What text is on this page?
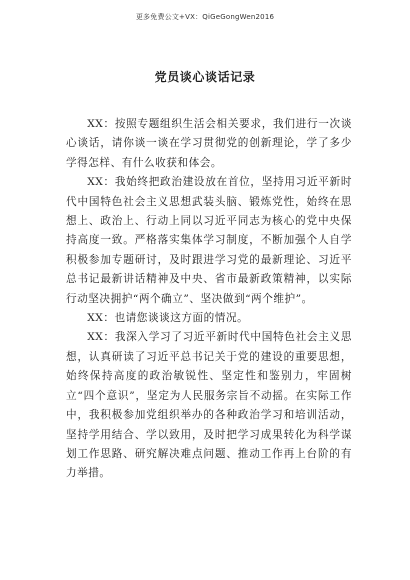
更多免费公文+VX：QiGeGongWen2016
党员谈心谈话记录

XX：按照专题组织生活会相关要求，我们进行一次谈心谈话，请你谈一谈在学习贯彻党的创新理论，学了多少学得怎样、有什么收获和体会。

XX：我始终把政治建设放在首位，坚持用习近平新时代中国特色社会主义思想武装头脑、锻炼党性，始终在思想上、政治上、行动上同以习近平同志为核心的党中央保持高度一致。严格落实集体学习制度，不断加强个人自学积极参加专题研讨，及时跟进学习党的最新理论、习近平总书记最新讲话精神及中央、省市最新政策精神，以实际行动坚决拥护“两个确立”、坚决做到“两个维护”。

XX：也请您谈谈这方面的情况。

XX：我深入学习了习近平新时代中国特色社会主义思想，认真研读了习近平总书记关于党的建设的重要思想，始终保持高度的政治敏锐性、坚定性和鉴别力，牢固树立“四个意识”，坚定为人民服务宗旨不动摇。在实际工作中，我积极参加党组织举办的各种政治学习和培训活动，坚持学用结合、学以致用，及时把学习成果转化为科学谋划工作思路、研究解决难点问题、推动工作再上台阶的有力举措。
